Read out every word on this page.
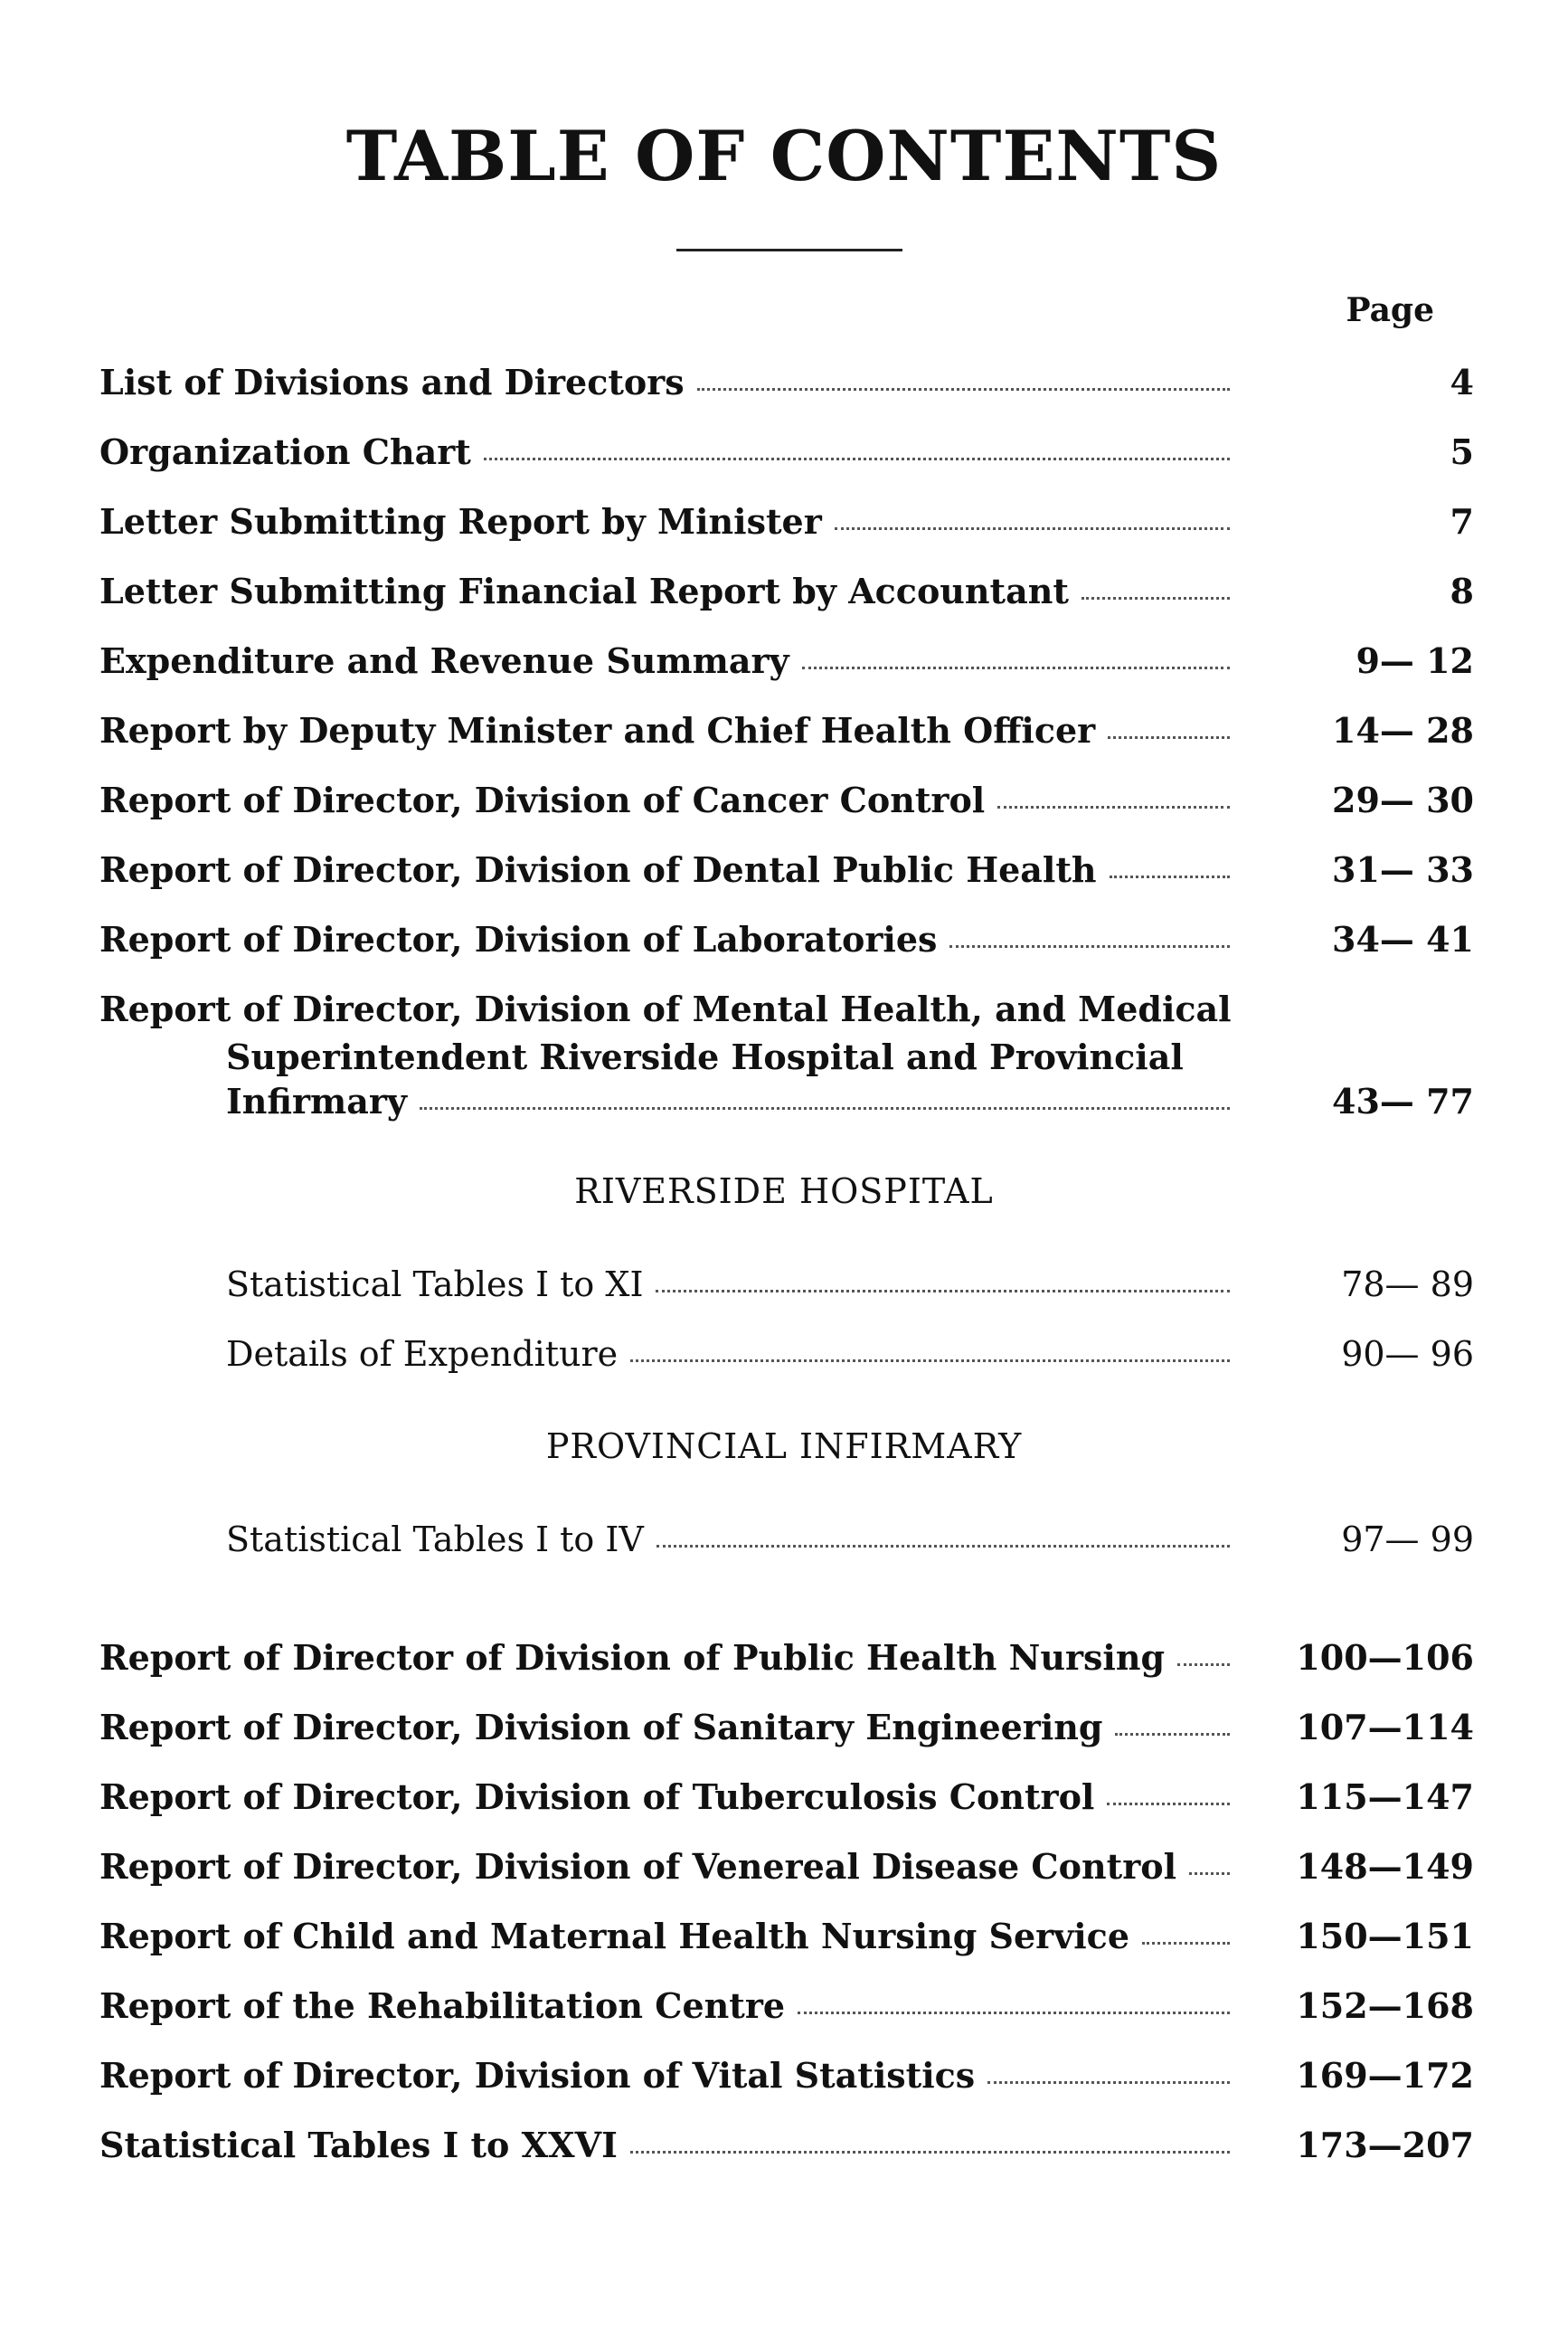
TABLE OF CONTENTS
Page
List of Divisions and Directors	4
Organization Chart	5
Letter Submitting Report by Minister	7
Letter Submitting Financial Report by Accountant	8
Expenditure and Revenue Summary	9— 12
Report by Deputy Minister and Chief Health Officer	14— 28
Report of Director, Division of Cancer Control	29— 30
Report of Director, Division of Dental Public Health	31— 33
Report of Director, Division of Laboratories	34— 41
Report of Director, Division of Mental Health, and Medical
Superintendent Riverside Hospital and Provincial
Infirmary	43— 77
Statistical Tables I to XI	78— 89
Details of Expenditure	90— 96
Statistical Tables I to IV	97— 99
Report of Director of Division of Public Health Nursing	100—106
Report of Director, Division of Sanitary Engineering	107—114
Report of Director, Division of Tuberculosis Control	115—147
Report of Director, Division of Venereal Disease Control	148—149
Report of Child and Maternal Health Nursing Service	150—151
Report of the Rehabilitation Centre	152—168
Report of Director, Division of Vital Statistics	169—172
Statistical Tables I to XXVI	173—207
RIVERSIDE HOSPITAL
PROVINCIAL INFIRMARY
